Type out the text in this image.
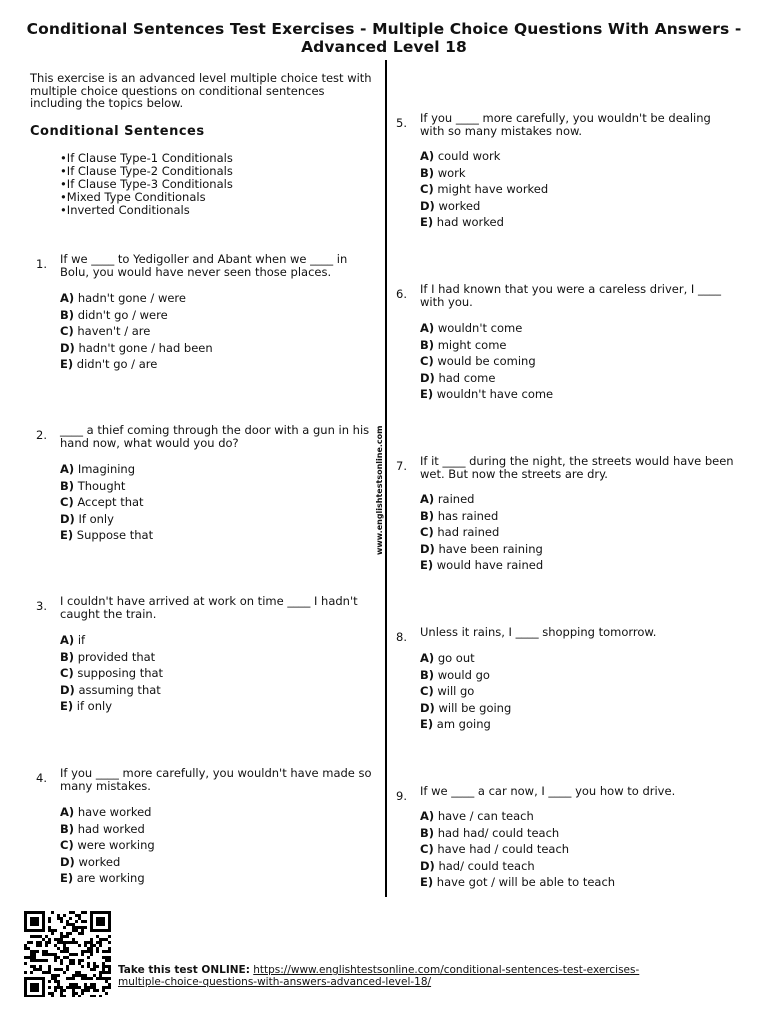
Conditional Sentences Test Exercises - Multiple Choice Questions With Answers - Advanced Level 18
This exercise is an advanced level multiple choice test with multiple choice questions on conditional sentences including the topics below.
Conditional Sentences
• If Clause Type-1 Conditionals
• If Clause Type-2 Conditionals
• If Clause Type-3 Conditionals
• Mixed Type Conditionals
• Inverted Conditionals
www.englishtestsonline.com
1. If we ____ to Yedigoller and Abant when we ____ in Bolu, you would have never seen those places.
A) hadn't gone / were
B) didn't go / were
C) haven't / are
D) hadn't gone / had been
E) didn't go / are
2. ____ a thief coming through the door with a gun in his hand now, what would you do?
A) Imagining
B) Thought
C) Accept that
D) If only
E) Suppose that
3. I couldn't have arrived at work on time ____ I hadn't caught the train.
A) if
B) provided that
C) supposing that
D) assuming that
E) if only
4. If you ____ more carefully, you wouldn't have made so many mistakes.
A) have worked
B) had worked
C) were working
D) worked
E) are working
5. If you ____ more carefully, you wouldn't be dealing with so many mistakes now.
A) could work
B) work
C) might have worked
D) worked
E) had worked
6. If I had known that you were a careless driver, I ____ with you.
A) wouldn't come
B) might come
C) would be coming
D) had come
E) wouldn't have come
7. If it ____ during the night, the streets would have been wet. But now the streets are dry.
A) rained
B) has rained
C) had rained
D) have been raining
E) would have rained
8. Unless it rains, I ____ shopping tomorrow.
A) go out
B) would go
C) will go
D) will be going
E) am going
9. If we ____ a car now, I ____ you how to drive.
A) have / can teach
B) had had/ could teach
C) have had / could teach
D) had/ could teach
E) have got / will be able to teach
Take this test ONLINE: https://www.englishtestsonline.com/conditional-sentences-test-exercises-multiple-choice-questions-with-answers-advanced-level-18/
